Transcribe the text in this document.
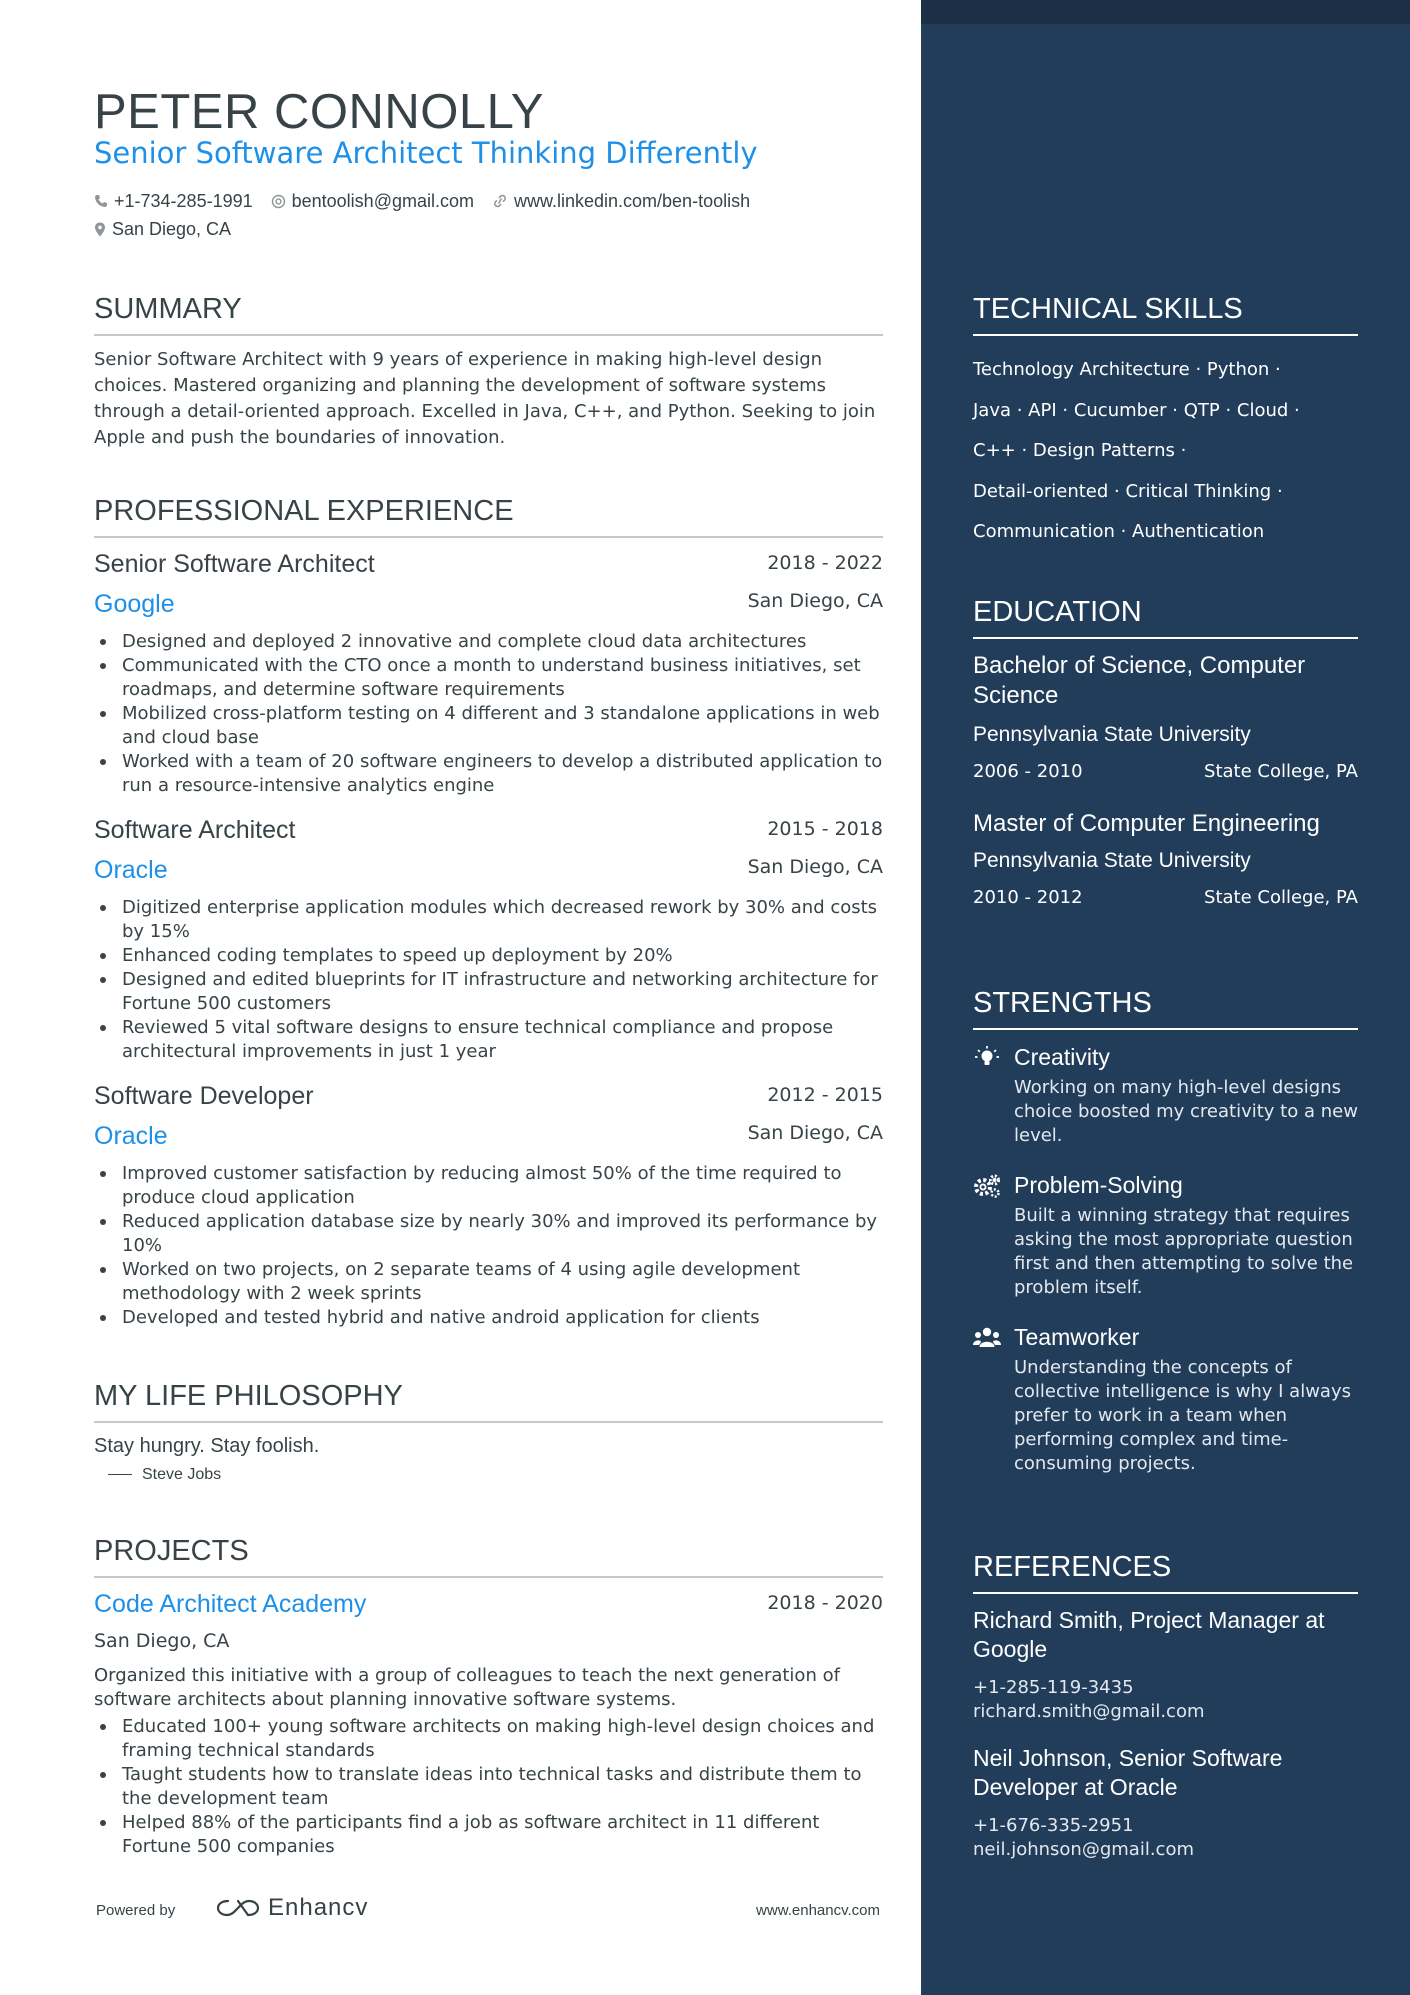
TECHNICAL SKILLS
Technology Architecture · Python ·
Java · API · Cucumber · QTP · Cloud ·
C++ · Design Patterns ·
Detail-oriented · Critical Thinking ·
Communication · Authentication
EDUCATION
Bachelor of Science, Computer Science
Pennsylvania State University
2006 - 2010	State College, PA
Master of Computer Engineering
Pennsylvania State University
2010 - 2012	State College, PA
STRENGTHS
Creativity
Working on many high-level designs choice boosted my creativity to a new level.
Problem-Solving
Built a winning strategy that requires asking the most appropriate question first and then attempting to solve the problem itself.
Teamworker
Understanding the concepts of collective intelligence is why I always prefer to work in a team when performing complex and time-consuming projects.
REFERENCES
Richard Smith, Project Manager at Google
+1-285-119-3435
richard.smith@gmail.com
Neil Johnson, Senior Software Developer at Oracle
+1-676-335-2951
neil.johnson@gmail.com
PETER CONNOLLY
Senior Software Architect Thinking Differently
+1-734-285-1991 bentoolish@gmail.com www.linkedin.com/ben-toolish
San Diego, CA
SUMMARY
Senior Software Architect with 9 years of experience in making high-level design choices. Mastered organizing and planning the development of software systems through a detail-oriented approach. Excelled in Java, C++, and Python. Seeking to join Apple and push the boundaries of innovation.
PROFESSIONAL EXPERIENCE
Senior Software Architect	2018 - 2022
Google	San Diego, CA
Designed and deployed 2 innovative and complete cloud data architectures
Communicated with the CTO once a month to understand business initiatives, set roadmaps, and determine software requirements
Mobilized cross-platform testing on 4 different and 3 standalone applications in web and cloud base
Worked with a team of 20 software engineers to develop a distributed application to run a resource-intensive analytics engine
Software Architect	2015 - 2018
Oracle	San Diego, CA
Digitized enterprise application modules which decreased rework by 30% and costs by 15%
Enhanced coding templates to speed up deployment by 20%
Designed and edited blueprints for IT infrastructure and networking architecture for Fortune 500 customers
Reviewed 5 vital software designs to ensure technical compliance and propose architectural improvements in just 1 year
Software Developer	2012 - 2015
Oracle	San Diego, CA
Improved customer satisfaction by reducing almost 50% of the time required to produce cloud application
Reduced application database size by nearly 30% and improved its performance by 10%
Worked on two projects, on 2 separate teams of 4 using agile development methodology with 2 week sprints
Developed and tested hybrid and native android application for clients
MY LIFE PHILOSOPHY
Stay hungry. Stay foolish.
Steve Jobs
PROJECTS
Code Architect Academy	2018 - 2020
San Diego, CA
Organized this initiative with a group of colleagues to teach the next generation of software architects about planning innovative software systems.
Educated 100+ young software architects on making high-level design choices and framing technical standards
Taught students how to translate ideas into technical tasks and distribute them to the development team
Helped 88% of the participants find a job as software architect in 11 different Fortune 500 companies
Powered by	Enhancv	www.enhancv.com
